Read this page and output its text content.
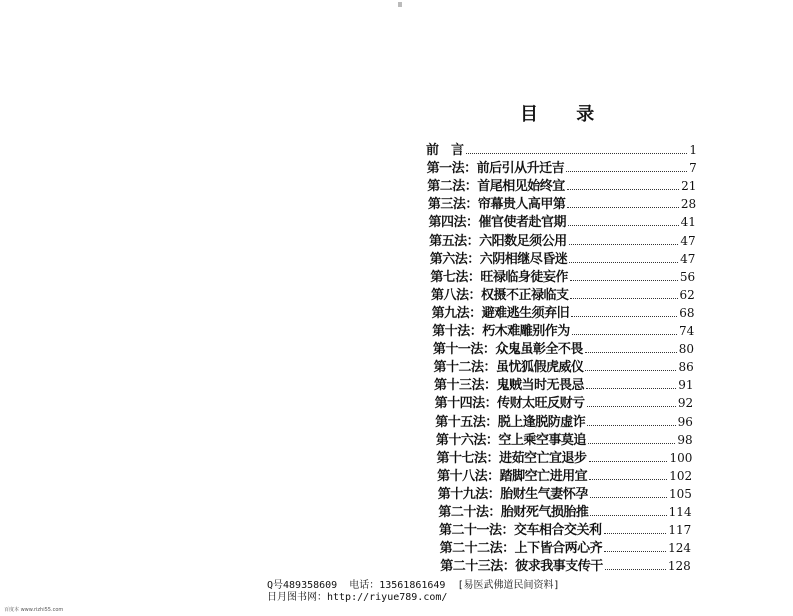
目 录
前　言	1
第一法：前后引从升迁吉	7
第二法：首尾相见始终宜	21
第三法：帘幕贵人高甲第	28
第四法：催官使者赴官期	41
第五法：六阳数足须公用	47
第六法：六阴相继尽昏迷	47
第七法：旺禄临身徒妄作	56
第八法：权摄不正禄临支	62
第九法：避难逃生须弃旧	68
第十法：朽木难雕别作为	74
第十一法：众鬼虽彰全不畏	80
第十二法：虽忧狐假虎威仪	86
第十三法：鬼贼当时无畏忌	91
第十四法：传财太旺反财亏	92
第十五法：脱上逢脱防虚诈	96
第十六法：空上乘空事莫追	98
第十七法：进茹空亡宜退步	100
第十八法：踏脚空亡进用宜	102
第十九法：胎财生气妻怀孕	105
第二十法：胎财死气损胎推	114
第二十一法：交车相合交关利	117
第二十二法：上下皆合两心齐	124
第二十三法：彼求我事支传干	128
Q号489358609 电话：13561861649 [易医武佛道民间资料]
日月图书网：http://riyue789.com/
百度本 www.rizhi55.com
